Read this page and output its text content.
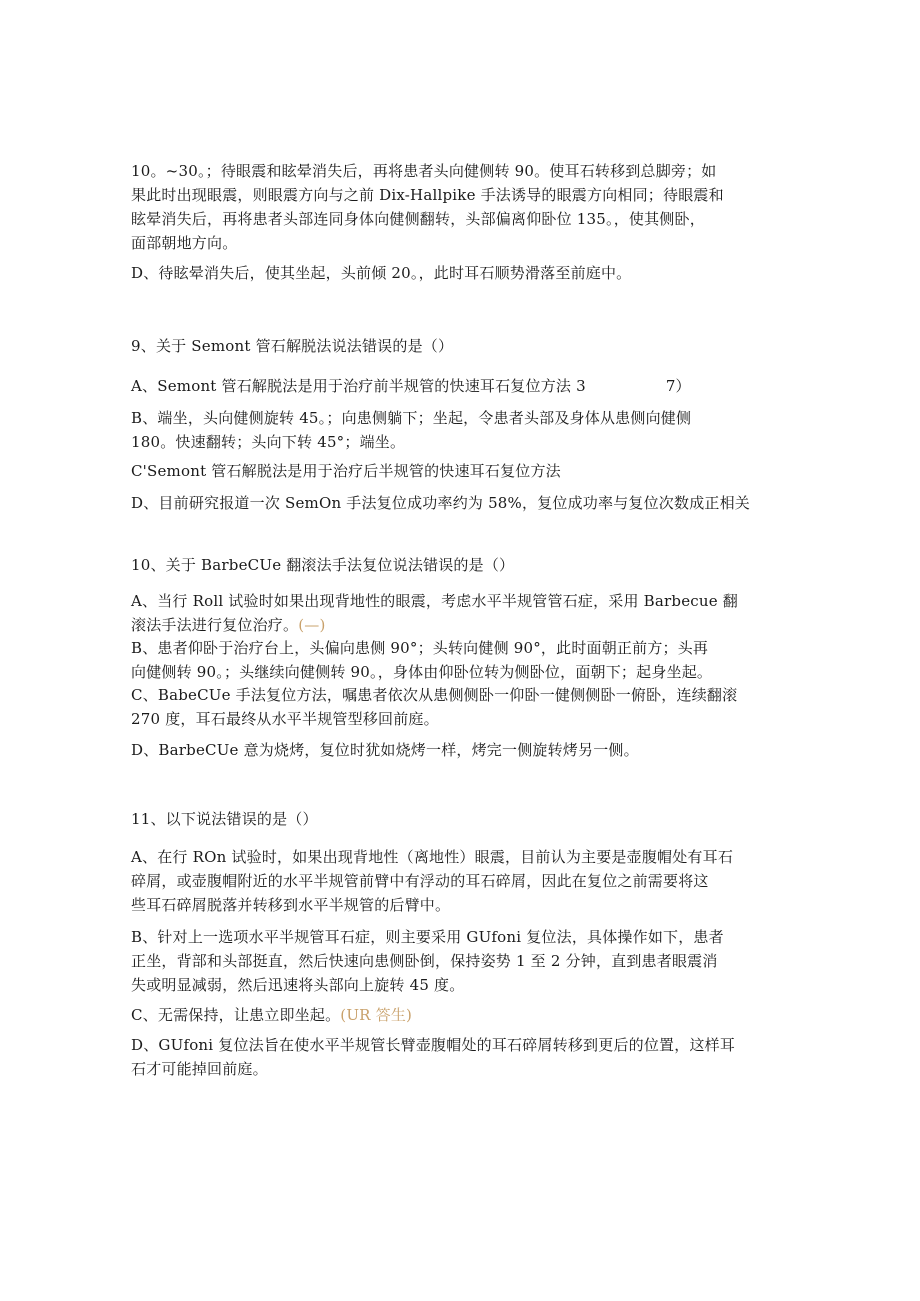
10。~30。；待眼震和眩晕消失后，再将患者头向健侧转 90。使耳石转移到总脚旁；如
果此时出现眼震，则眼震方向与之前 Dix-Hallpike 手法诱导的眼震方向相同；待眼震和
眩晕消失后，再将患者头部连同身体向健侧翻转，头部偏离仰卧位 135。，使其侧卧，
面部朝地方向。
D、待眩晕消失后，使其坐起，头前倾 20。，此时耳石顺势滑落至前庭中。
9、关于 Semont 管石解脱法说法错误的是（）
A、Semont 管石解脱法是用于治疗前半规管的快速耳石复位方法 3	7）
B、端坐，头向健侧旋转 45。；向患侧躺下；坐起，令患者头部及身体从患侧向健侧
180。快速翻转；头向下转 45°；端坐。
C'Semont 管石解脱法是用于治疗后半规管的快速耳石复位方法
D、目前研究报道一次 SemOn 手法复位成功率约为 58%，复位成功率与复位次数成正相关
10、关于 BarbeCUe 翻滚法手法复位说法错误的是（）
A、当行 Roll 试验时如果出现背地性的眼震，考虑水平半规管管石症，采用 Barbecue 翻
滚法手法进行复位治疗。(—)
B、患者仰卧于治疗台上，头偏向患侧 90°；头转向健侧 90°，此时面朝正前方；头再
向健侧转 90。；头继续向健侧转 90。，身体由仰卧位转为侧卧位，面朝下；起身坐起。
C、BabeCUe 手法复位方法，嘱患者依次从患侧侧卧一仰卧一健侧侧卧一俯卧，连续翻滚
270 度，耳石最终从水平半规管型移回前庭。
D、BarbeCUe 意为烧烤，复位时犹如烧烤一样，烤完一侧旋转烤另一侧。
11、以下说法错误的是（）
A、在行 ROn 试验时，如果出现背地性（离地性）眼震，目前认为主要是壶腹帽处有耳石
碎屑，或壶腹帽附近的水平半规管前臂中有浮动的耳石碎屑，因此在复位之前需要将这
些耳石碎屑脱落并转移到水平半规管的后臂中。
B、针对上一选项水平半规管耳石症，则主要采用 GUfoni 复位法，具体操作如下，患者
正坐，背部和头部挺直，然后快速向患侧卧倒，保持姿势 1 至 2 分钟，直到患者眼震消
失或明显减弱，然后迅速将头部向上旋转 45 度。
C、无需保持，让患立即坐起。(UR 答生)
D、GUfoni 复位法旨在使水平半规管长臂壶腹帽处的耳石碎屑转移到更后的位置，这样耳
石才可能掉回前庭。
